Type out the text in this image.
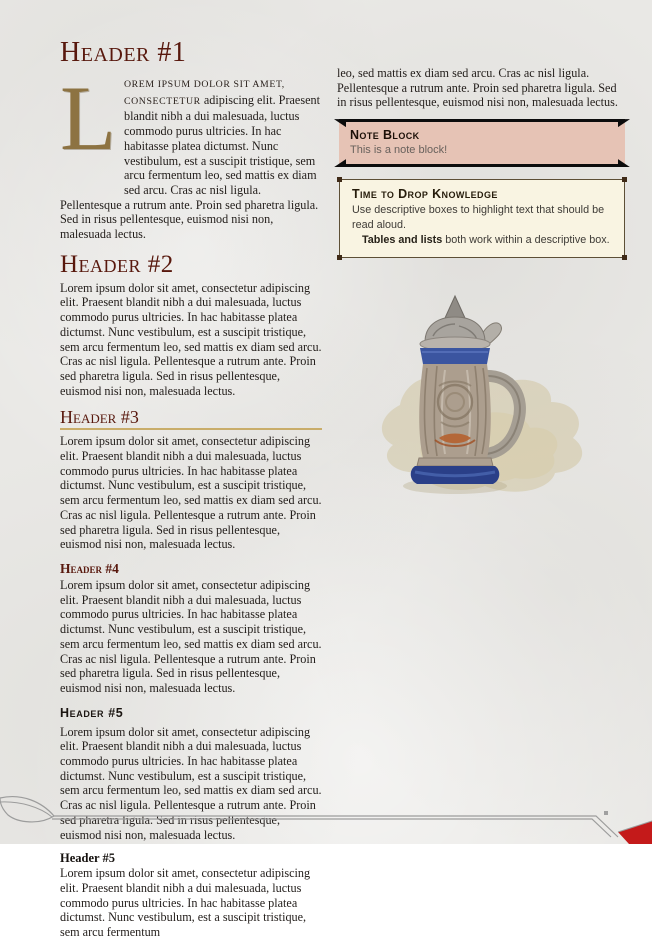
Header #1

LOREM IPSUM DOLOR SIT AMET, CONSECTETUR adipiscing elit. Praesent blandit nibh a dui malesuada, luctus commodo purus ultricies. In hac habitasse platea dictumst. Nunc vestibulum, est a suscipit tristique, sem arcu fermentum leo, sed mattis ex diam sed arcu. Cras ac nisl ligula. Pellentesque a rutrum ante. Proin sed pharetra ligula. Sed in risus pellentesque, euismod nisi non, malesuada lectus.

Header #2

Lorem ipsum dolor sit amet, consectetur adipiscing elit. Praesent blandit nibh a dui malesuada, luctus commodo purus ultricies. In hac habitasse platea dictumst. Nunc vestibulum, est a suscipit tristique, sem arcu fermentum leo, sed mattis ex diam sed arcu. Cras ac nisl ligula. Pellentesque a rutrum ante. Proin sed pharetra ligula. Sed in risus pellentesque, euismod nisi non, malesuada lectus.

Header #3

Lorem ipsum dolor sit amet, consectetur adipiscing elit. Praesent blandit nibh a dui malesuada, luctus commodo purus ultricies. In hac habitasse platea dictumst. Nunc vestibulum, est a suscipit tristique, sem arcu fermentum leo, sed mattis ex diam sed arcu. Cras ac nisl ligula. Pellentesque a rutrum ante. Proin sed pharetra ligula. Sed in risus pellentesque, euismod nisi non, malesuada lectus.

Header #4

Lorem ipsum dolor sit amet, consectetur adipiscing elit. Praesent blandit nibh a dui malesuada, luctus commodo purus ultricies. In hac habitasse platea dictumst. Nunc vestibulum, est a suscipit tristique, sem arcu fermentum leo, sed mattis ex diam sed arcu. Cras ac nisl ligula. Pellentesque a rutrum ante. Proin sed pharetra ligula. Sed in risus pellentesque, euismod nisi non, malesuada lectus.

Header #5

Lorem ipsum dolor sit amet, consectetur adipiscing elit. Praesent blandit nibh a dui malesuada, luctus commodo purus ultricies. In hac habitasse platea dictumst. Nunc vestibulum, est a suscipit tristique, sem arcu fermentum leo, sed mattis ex diam sed arcu. Cras ac nisl ligula. Pellentesque a rutrum ante. Proin sed pharetra ligula. Sed in risus pellentesque, euismod nisi non, malesuada lectus.

Header #5

Lorem ipsum dolor sit amet, consectetur adipiscing elit. Praesent blandit nibh a dui malesuada, luctus commodo purus ultricies. In hac habitasse platea dictumst. Nunc vestibulum, est a suscipit tristique, sem arcu fermentum

leo, sed mattis ex diam sed arcu. Cras ac nisl ligula. Pellentesque a rutrum ante. Proin sed pharetra ligula. Sed in risus pellentesque, euismod nisi non, malesuada lectus.

Note Block
This is a note block!
Time to Drop Knowledge

Use descriptive boxes to highlight text that should be read aloud.

Tables and lists both work within a descriptive box.
